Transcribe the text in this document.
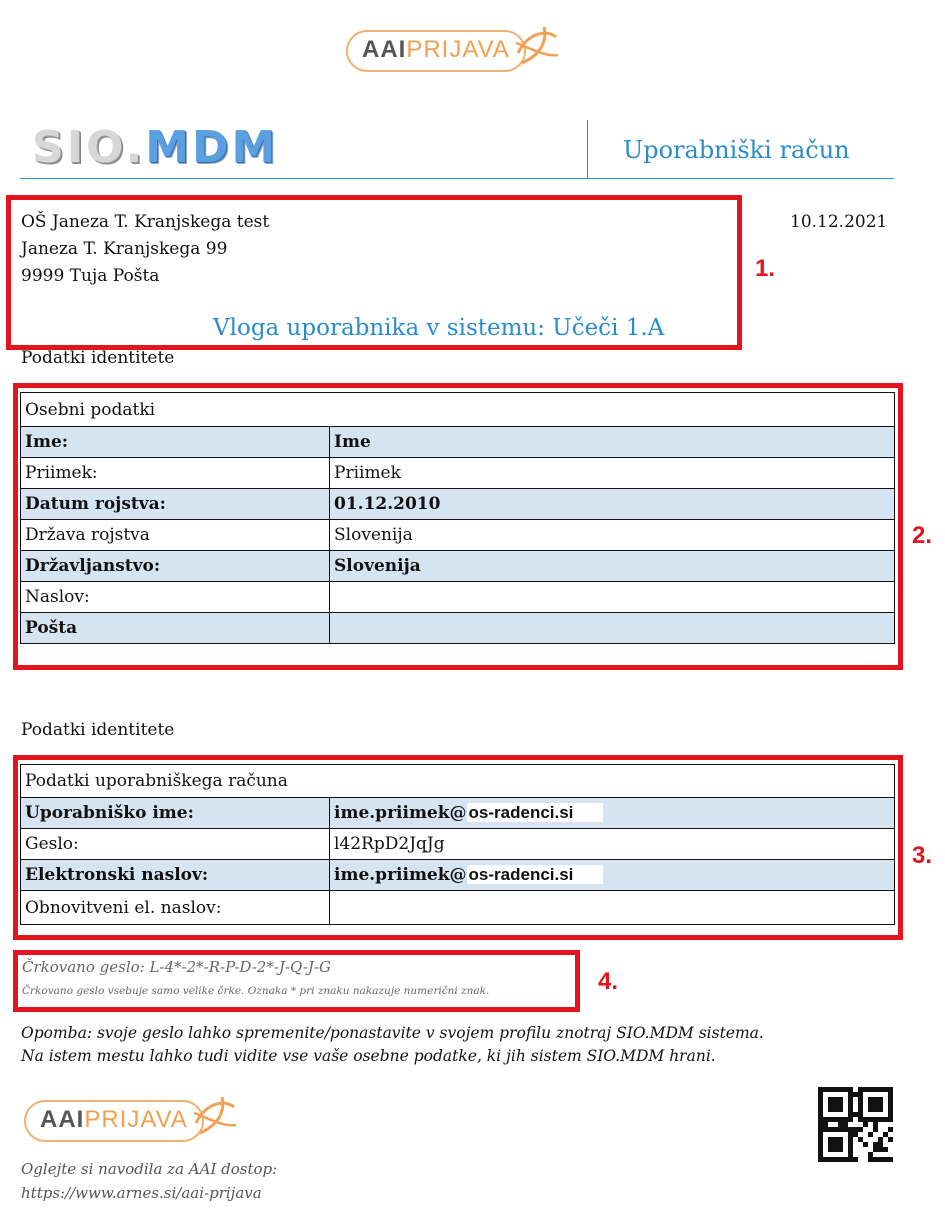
AAIPRIJAVA
SIO.MDM	Uporabniški račun
OŠ Janeza T. Kranjskega test
Janeza T. Kranjskega 99
9999 Tuja Pošta
10.12.2021
Vloga uporabnika v sistemu: Učeči 1.A
1.
Podatki identitete
Osebni podatki	
Ime:	Ime
Priimek:	Priimek
Datum rojstva:	01.12.2010
Država rojstva	Slovenija
Državljanstvo:	Slovenija
Naslov:	
Pošta	
2.
Podatki identitete
Podatki uporabniškega računa	
Uporabniško ime:	ime.priimek@ os-radenci.si
Geslo:	l42RpD2JqJg
Elektronski naslov:	ime.priimek@ os-radenci.si
Obnovitveni el. naslov:	
3.
Črkovano geslo: L-4*-2*-R-P-D-2*-J-Q-J-G
Črkovano geslo vsebuje samo velike črke. Oznaka * pri znaku nakazuje numerični znak.	4.
Opomba: svoje geslo lahko spremenite/ponastavite v svojem profilu znotraj SIO.MDM sistema.
Na istem mestu lahko tudi vidite vse vaše osebne podatke, ki jih sistem SIO.MDM hrani.
AAIPRIJAVA
Oglejte si navodila za AAI dostop:
https://www.arnes.si/aai-prijava
